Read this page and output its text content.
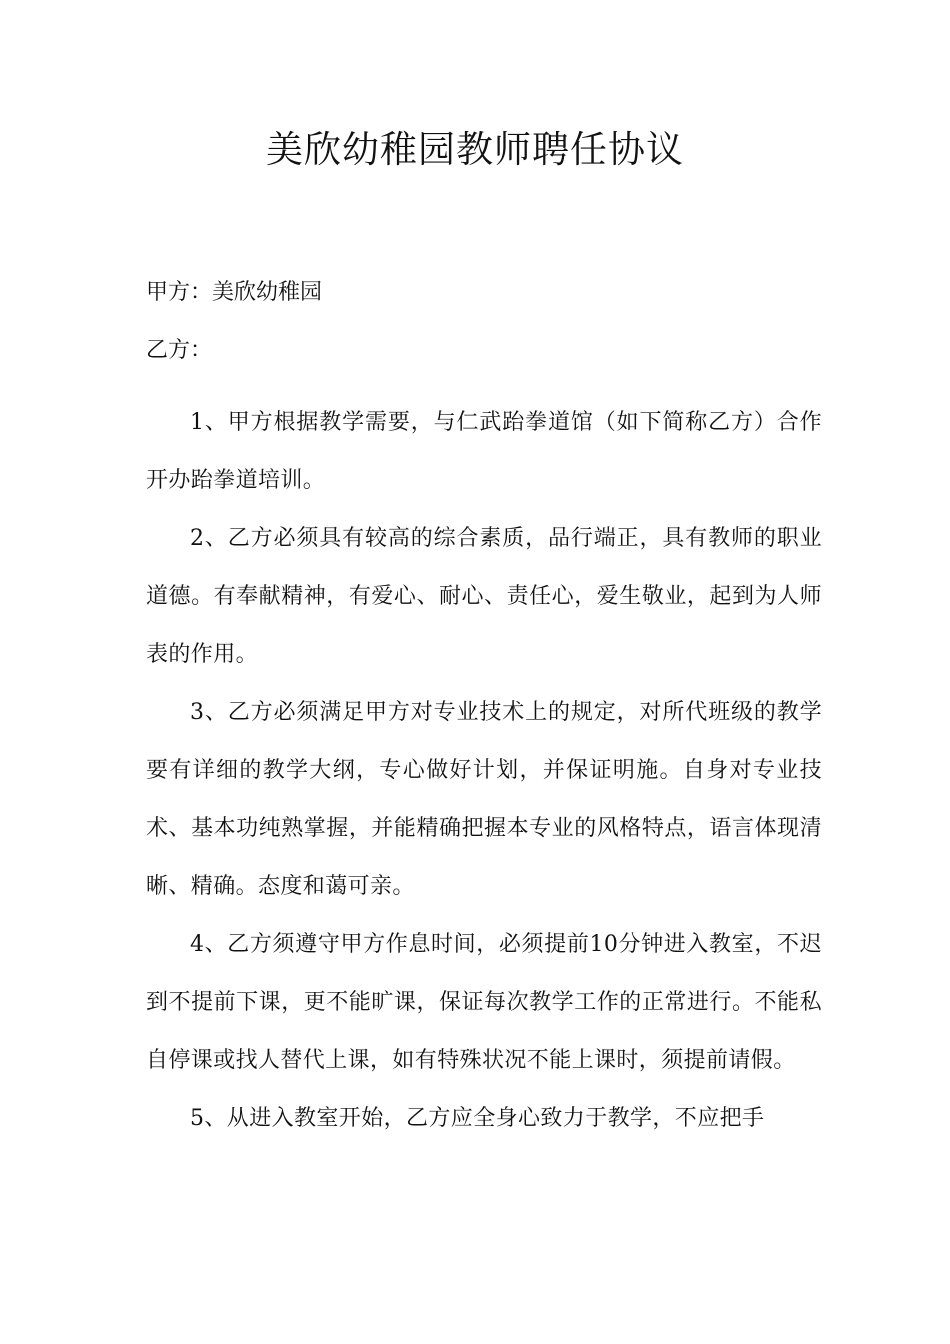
美欣幼稚园教师聘任协议

甲方：美欣幼稚园

乙方：

1、甲方根据教学需要，与仁武跆拳道馆（如下简称乙方）合作开办跆拳道培训。

2、乙方必须具有较高的综合素质，品行端正，具有教师的职业道德。有奉献精神，有爱心、耐心、责任心，爱生敬业，起到为人师表的作用。

3、乙方必须满足甲方对专业技术上的规定，对所代班级的教学要有详细的教学大纲，专心做好计划，并保证明施。自身对专业技术、基本功纯熟掌握，并能精确把握本专业的风格特点，语言体现清晰、精确。态度和蔼可亲。

4、乙方须遵守甲方作息时间，必须提前10分钟进入教室，不迟到不提前下课，更不能旷课，保证每次教学工作的正常进行。不能私自停课或找人替代上课，如有特殊状况不能上课时，须提前请假。

5、从进入教室开始，乙方应全身心致力于教学，不应把手
